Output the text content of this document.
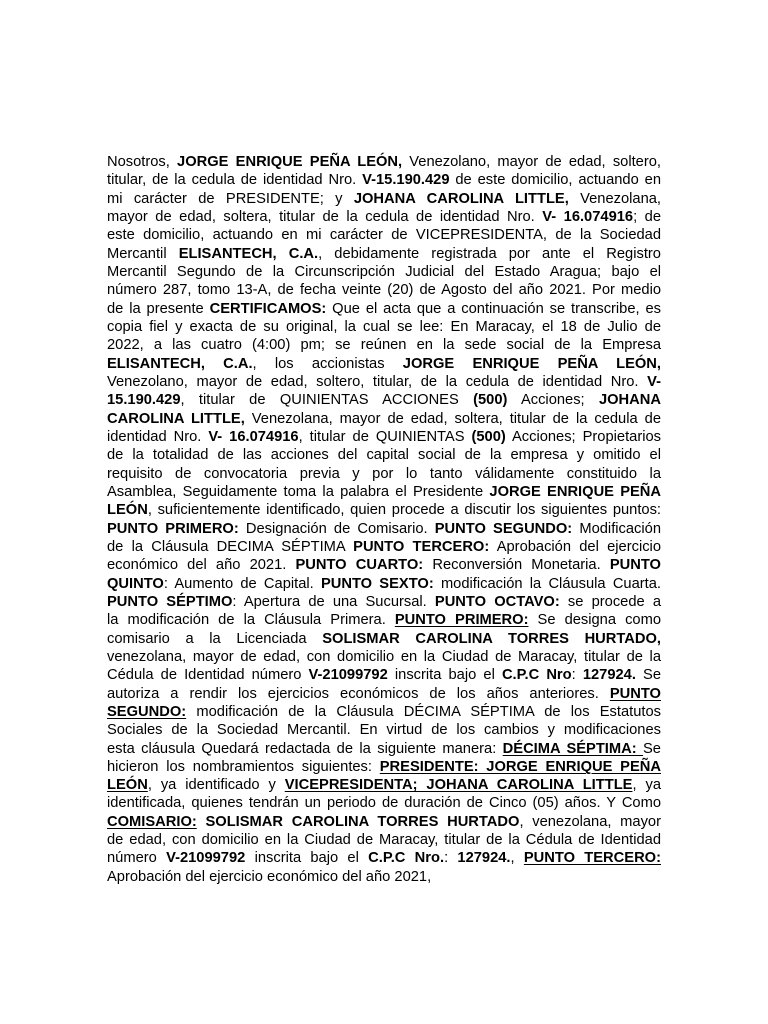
Nosotros, JORGE ENRIQUE PEÑA LEÓN, Venezolano, mayor de edad, soltero,
titular, de la cedula de identidad Nro. V-15.190.429 de este domicilio, actuando en
mi carácter de PRESIDENTE; y JOHANA CAROLINA LITTLE, Venezolana,
mayor de edad, soltera, titular de la cedula de identidad Nro. V- 16.074916; de
este domicilio, actuando en mi carácter de VICEPRESIDENTA, de la Sociedad
Mercantil ELISANTECH, C.A., debidamente registrada por ante el Registro
Mercantil Segundo de la Circunscripción Judicial del Estado Aragua; bajo el
número 287, tomo 13-A, de fecha veinte (20) de Agosto del año 2021. Por medio
de la presente CERTIFICAMOS: Que el acta que a continuación se transcribe, es
copia fiel y exacta de su original, la cual se lee: En Maracay, el 18 de Julio de
2022, a las cuatro (4:00) pm; se reúnen en la sede social de la Empresa
ELISANTECH, C.A., los accionistas JORGE ENRIQUE PEÑA LEÓN,
Venezolano, mayor de edad, soltero, titular, de la cedula de identidad Nro. V-
15.190.429, titular de QUINIENTAS ACCIONES (500) Acciones; JOHANA
CAROLINA LITTLE, Venezolana, mayor de edad, soltera, titular de la cedula de
identidad Nro. V- 16.074916, titular de QUINIENTAS (500) Acciones; Propietarios
de la totalidad de las acciones del capital social de la empresa y omitido el
requisito de convocatoria previa y por lo tanto válidamente constituido la
Asamblea, Seguidamente toma la palabra el Presidente JORGE ENRIQUE PEÑA
LEÓN, suficientemente identificado, quien procede a discutir los siguientes puntos:
PUNTO PRIMERO: Designación de Comisario. PUNTO SEGUNDO: Modificación
de la Cláusula DECIMA SÉPTIMA PUNTO TERCERO: Aprobación del ejercicio
económico del año 2021. PUNTO CUARTO: Reconversión Monetaria. PUNTO
QUINTO: Aumento de Capital. PUNTO SEXTO: modificación la Cláusula Cuarta.
PUNTO SÉPTIMO: Apertura de una Sucursal. PUNTO OCTAVO: se procede a
la modificación de la Cláusula Primera. PUNTO PRIMERO: Se designa como
comisario a la Licenciada SOLISMAR CAROLINA TORRES HURTADO,
venezolana, mayor de edad, con domicilio en la Ciudad de Maracay, titular de la
Cédula de Identidad número V-21099792 inscrita bajo el C.P.C Nro: 127924. Se
autoriza a rendir los ejercicios económicos de los años anteriores. PUNTO
SEGUNDO: modificación de la Cláusula DÉCIMA SÉPTIMA de los Estatutos
Sociales de la Sociedad Mercantil. En virtud de los cambios y modificaciones
esta cláusula Quedará redactada de la siguiente manera: DÉCIMA SÉPTIMA: Se
hicieron los nombramientos siguientes: PRESIDENTE: JORGE ENRIQUE PEÑA
LEÓN, ya identificado y VICEPRESIDENTA; JOHANA CAROLINA LITTLE, ya
identificada, quienes tendrán un periodo de duración de Cinco (05) años. Y Como
COMISARIO: SOLISMAR CAROLINA TORRES HURTADO, venezolana, mayor
de edad, con domicilio en la Ciudad de Maracay, titular de la Cédula de Identidad
número V-21099792 inscrita bajo el C.P.C Nro.: 127924., PUNTO TERCERO:
Aprobación del ejercicio económico del año 2021,
